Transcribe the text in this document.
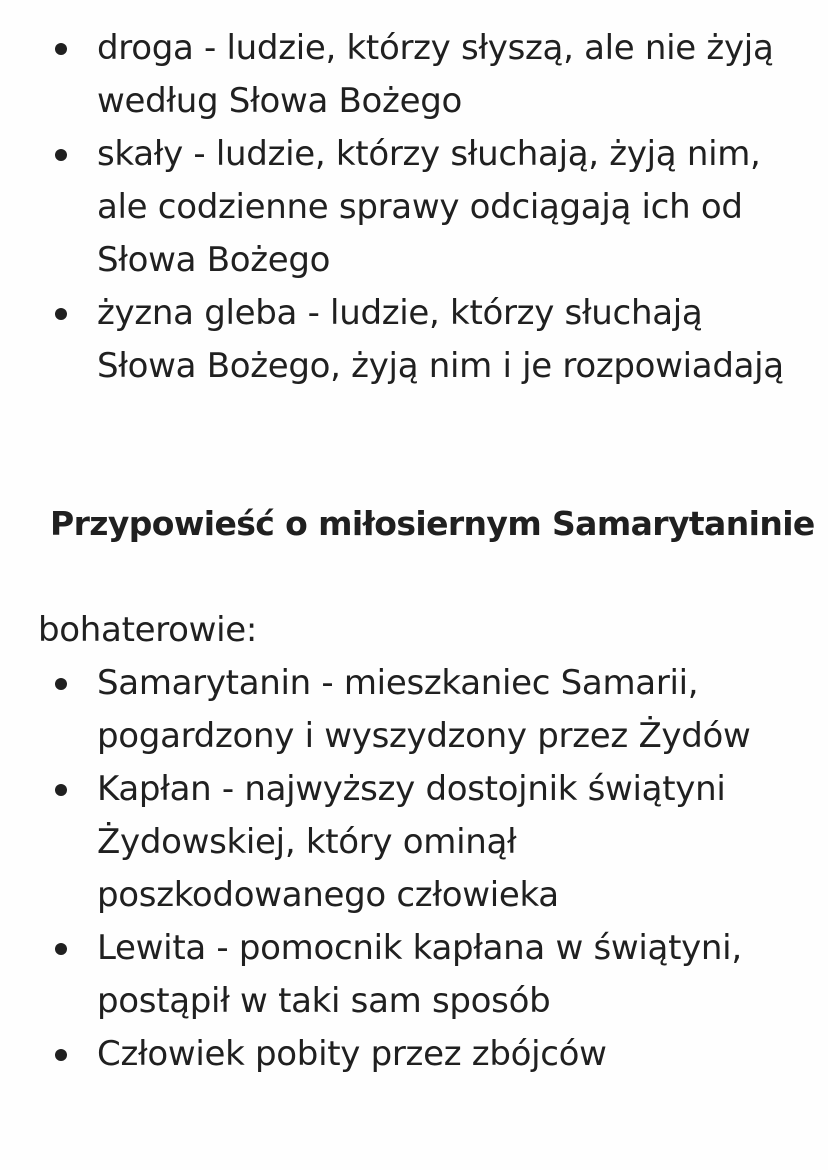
droga - ludzie, którzy słyszą, ale nie żyją według Słowa Bożego
skały - ludzie, którzy słuchają, żyją nim, ale codzienne sprawy odciągają ich od Słowa Bożego
żyzna gleba - ludzie, którzy słuchają Słowa Bożego, żyją nim i je rozpowiadają
Przypowieść o miłosiernym Samarytaninie

bohaterowie:

Samarytanin - mieszkaniec Samarii, pogardzony i wyszydzony przez Żydów
Kapłan - najwyższy dostojnik świątyni Żydowskiej, który ominął poszkodowanego człowieka
Lewita - pomocnik kapłana w świątyni, postąpił w taki sam sposób
Człowiek pobity przez zbójców
